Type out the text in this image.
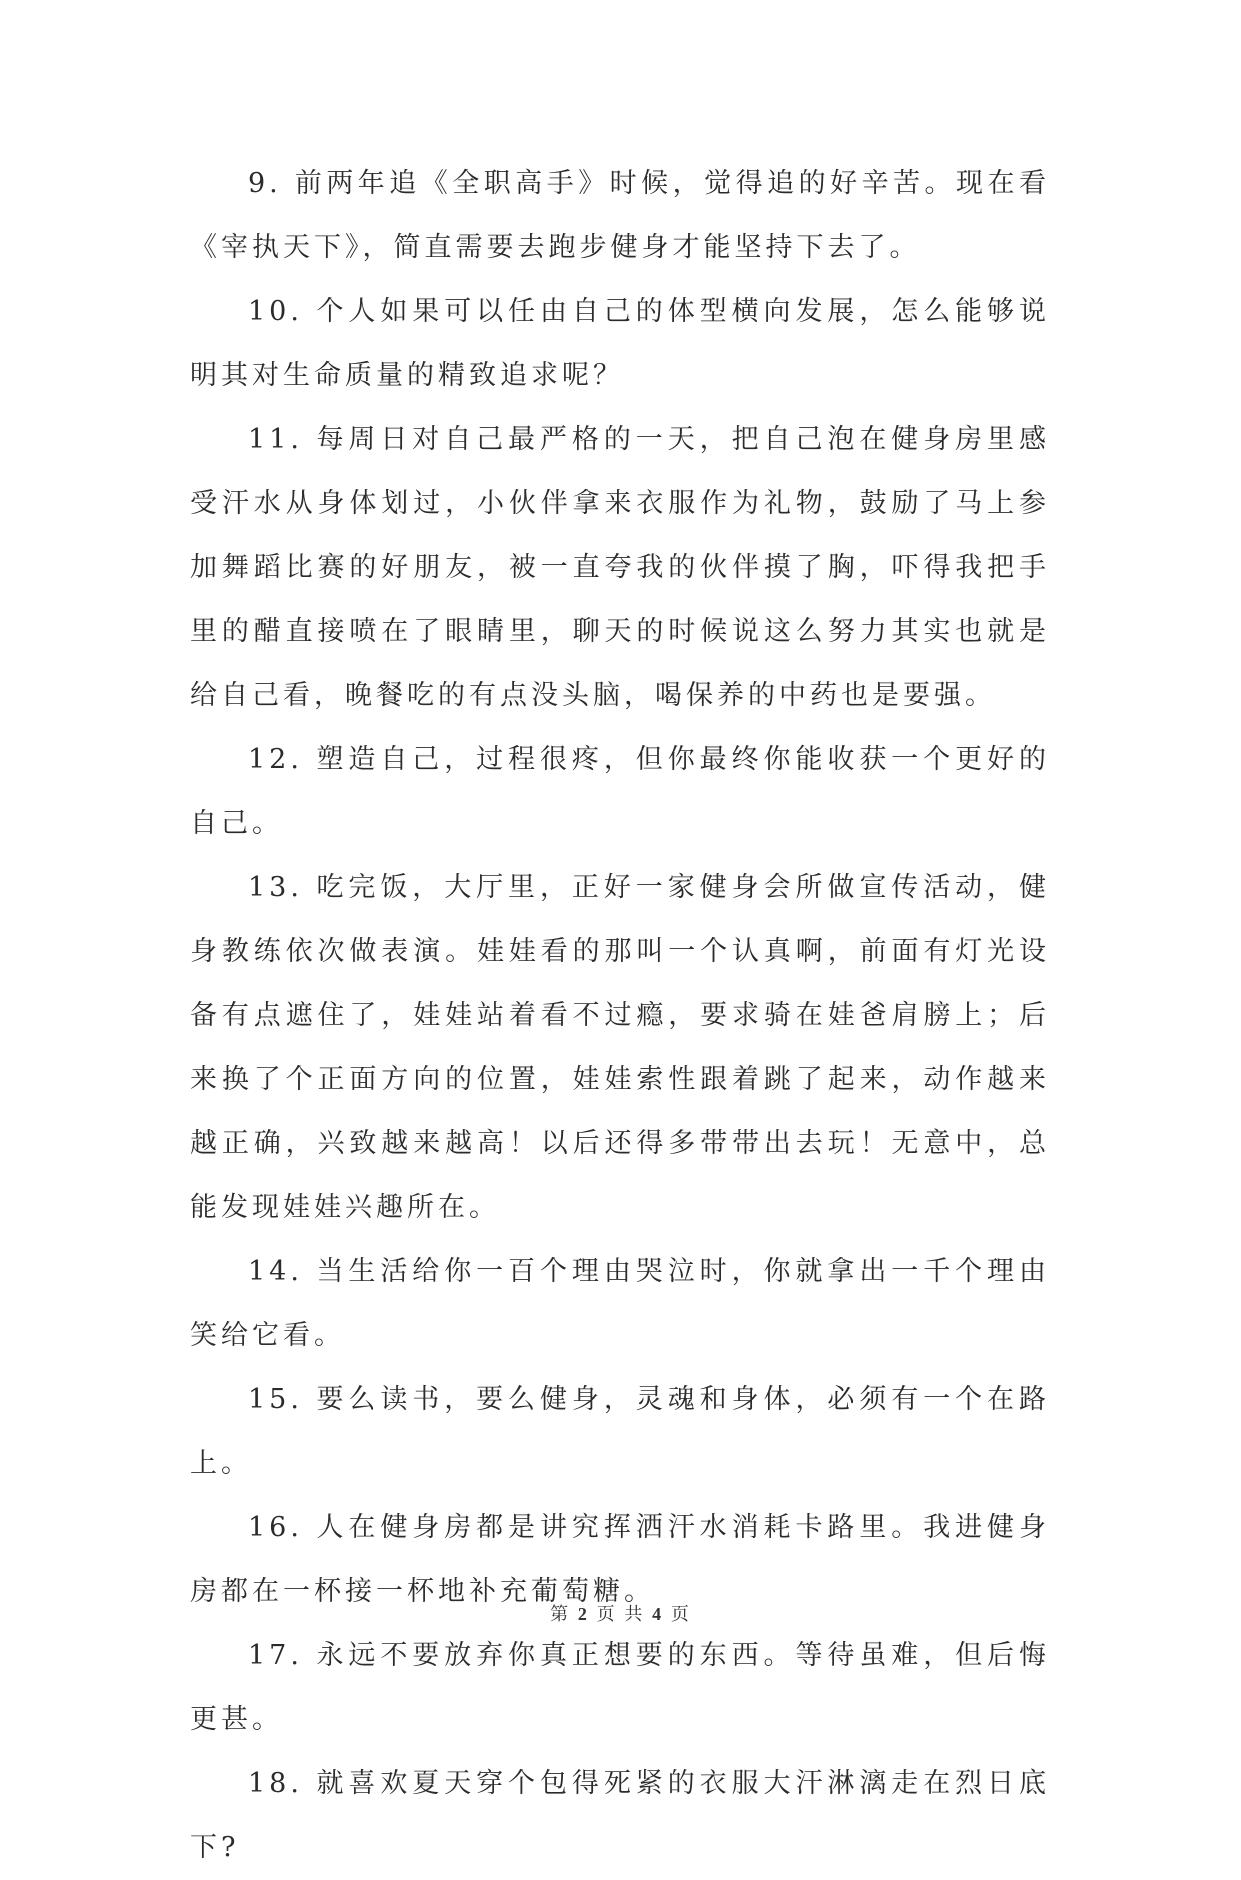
9. 前两年追《全职高手》时候，觉得追的好辛苦。现在看《宰执天下》，简直需要去跑步健身才能坚持下去了。

10. 个人如果可以任由自己的体型横向发展，怎么能够说明其对生命质量的精致追求呢？

11. 每周日对自己最严格的一天，把自己泡在健身房里感受汗水从身体划过，小伙伴拿来衣服作为礼物，鼓励了马上参加舞蹈比赛的好朋友，被一直夸我的伙伴摸了胸，吓得我把手里的醋直接喷在了眼睛里，聊天的时候说这么努力其实也就是给自己看，晚餐吃的有点没头脑，喝保养的中药也是要强。

12. 塑造自己，过程很疼，但你最终你能收获一个更好的自己。

13. 吃完饭，大厅里，正好一家健身会所做宣传活动，健身教练依次做表演。娃娃看的那叫一个认真啊，前面有灯光设备有点遮住了，娃娃站着看不过瘾，要求骑在娃爸肩膀上；后来换了个正面方向的位置，娃娃索性跟着跳了起来，动作越来越正确，兴致越来越高！以后还得多带带出去玩！无意中，总能发现娃娃兴趣所在。

14. 当生活给你一百个理由哭泣时，你就拿出一千个理由笑给它看。

15. 要么读书，要么健身，灵魂和身体，必须有一个在路上。

16. 人在健身房都是讲究挥洒汗水消耗卡路里。我进健身房都在一杯接一杯地补充葡萄糖。

17. 永远不要放弃你真正想要的东西。等待虽难，但后悔更甚。

18. 就喜欢夏天穿个包得死紧的衣服大汗淋漓走在烈日底下?

第 2 页 共 4 页
